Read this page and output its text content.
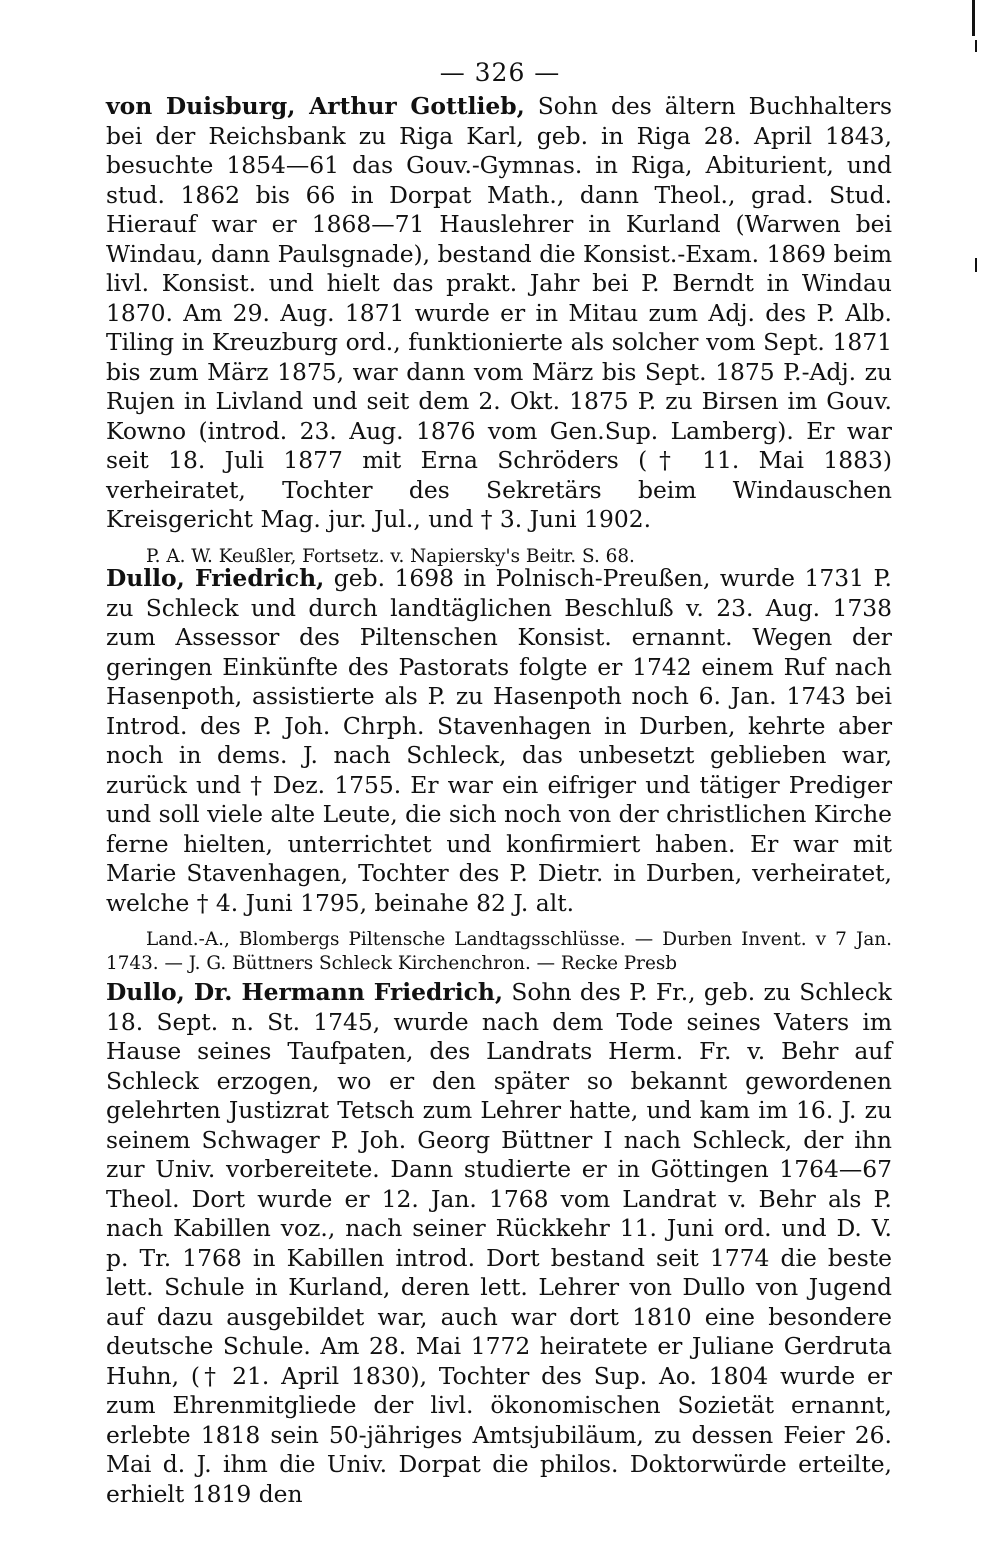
— 326 —

von Duisburg, Arthur Gottlieb, Sohn des ältern Buchhalters bei der Reichsbank zu Riga Karl, geb. in Riga 28. April 1843, besuchte 1854—61 das Gouv.-Gymnas. in Riga, Abiturient, und stud. 1862 bis 66 in Dorpat Math., dann Theol., grad. Stud. Hierauf war er 1868—71 Hauslehrer in Kurland (Warwen bei Windau, dann Paulsgnade), bestand die Konsist.-Exam. 1869 beim livl. Konsist. und hielt das prakt. Jahr bei P. Berndt in Windau 1870. Am 29. Aug. 1871 wurde er in Mitau zum Adj. des P. Alb. Tiling in Kreuzburg ord., funktionierte als solcher vom Sept. 1871 bis zum März 1875, war dann vom März bis Sept. 1875 P.-Adj. zu Rujen in Livland und seit dem 2. Okt. 1875 P. zu Birsen im Gouv. Kowno (introd. 23. Aug. 1876 vom Gen.Sup. Lamberg). Er war seit 18. Juli 1877 mit Erna Schröders († 11. Mai 1883) verheiratet, Tochter des Sekretärs beim Windauschen Kreisgericht Mag. jur. Jul., und † 3. Juni 1902.

P. A. W. Keußler, Fortsetz. v. Napiersky's Beitr. S. 68.

Dullo, Friedrich, geb. 1698 in Polnisch-Preußen, wurde 1731 P. zu Schleck und durch landtäglichen Beschluß v. 23. Aug. 1738 zum Assessor des Piltenschen Konsist. ernannt. Wegen der geringen Einkünfte des Pastorats folgte er 1742 einem Ruf nach Hasenpoth, assistierte als P. zu Hasenpoth noch 6. Jan. 1743 bei Introd. des P. Joh. Chrph. Stavenhagen in Durben, kehrte aber noch in dems. J. nach Schleck, das unbesetzt geblieben war, zurück und † Dez. 1755. Er war ein eifriger und tätiger Prediger und soll viele alte Leute, die sich noch von der christlichen Kirche ferne hielten, unterrichtet und konfirmiert haben. Er war mit Marie Stavenhagen, Tochter des P. Dietr. in Durben, verheiratet, welche † 4. Juni 1795, beinahe 82 J. alt.

Land.-A., Blombergs Piltensche Landtagsschlüsse. — Durben Invent. v 7 Jan. 1743. — J. G. Büttners Schleck Kirchenchron. — Recke Presb

Dullo, Dr. Hermann Friedrich, Sohn des P. Fr., geb. zu Schleck 18. Sept. n. St. 1745, wurde nach dem Tode seines Vaters im Hause seines Taufpaten, des Landrats Herm. Fr. v. Behr auf Schleck erzogen, wo er den später so bekannt gewordenen gelehrten Justizrat Tetsch zum Lehrer hatte, und kam im 16. J. zu seinem Schwager P. Joh. Georg Büttner I nach Schleck, der ihn zur Univ. vorbereitete. Dann studierte er in Göttingen 1764—67 Theol. Dort wurde er 12. Jan. 1768 vom Landrat v. Behr als P. nach Kabillen voz., nach seiner Rückkehr 11. Juni ord. und D. V. p. Tr. 1768 in Kabillen introd. Dort bestand seit 1774 die beste lett. Schule in Kurland, deren lett. Lehrer von Dullo von Jugend auf dazu ausgebildet war, auch war dort 1810 eine besondere deutsche Schule. Am 28. Mai 1772 heiratete er Juliane Gerdruta Huhn, († 21. April 1830), Tochter des Sup. Ao. 1804 wurde er zum Ehrenmitgliede der livl. ökonomischen Sozietät ernannt, erlebte 1818 sein 50-jähriges Amtsjubiläum, zu dessen Feier 26. Mai d. J. ihm die Univ. Dorpat die philos. Doktorwürde erteilte, erhielt 1819 den
